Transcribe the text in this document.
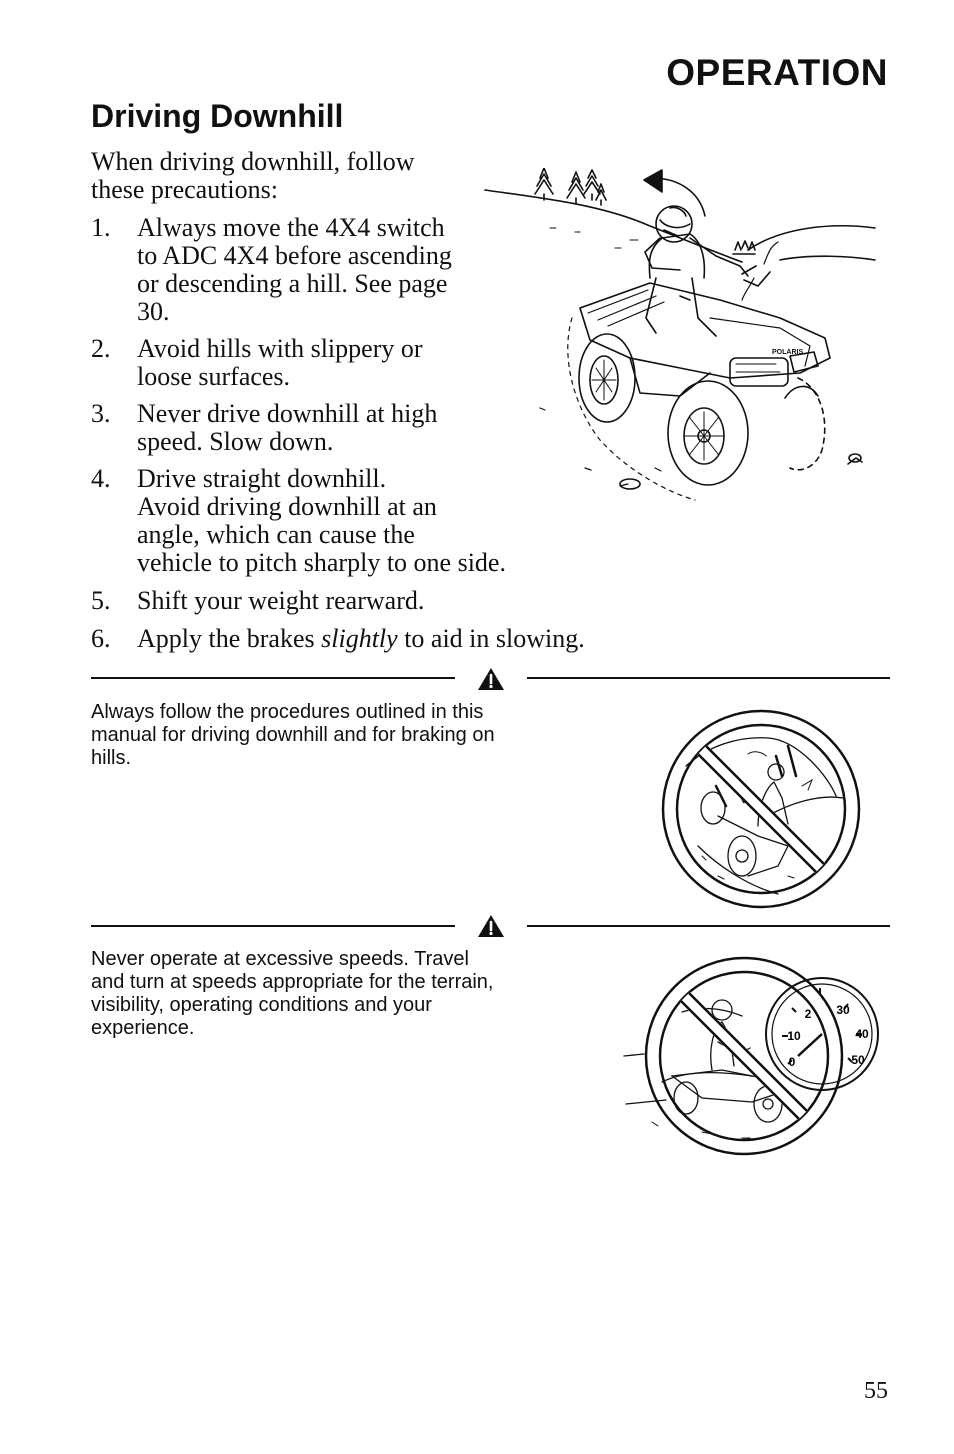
OPERATION
Driving Downhill
When driving downhill, follow these precautions:
1. Always move the 4X4 switch
to ADC 4X4 before ascending
or descending a hill. See page
30.
2. Avoid hills with slippery or
loose surfaces.
3. Never drive downhill at high
speed. Slow down.
4. Drive straight downhill.
Avoid driving downhill at an
angle, which can cause the
vehicle to pitch sharply to one side.
5. Shift your weight rearward.
6. Apply the brakes slightly to aid in slowing.
POLARIS
Always follow the procedures outlined in this
manual for driving downhill and for braking on
hills.
Never operate at excessive speeds. Travel
and turn at speeds appropriate for the terrain,
visibility, operating conditions and your
experience.
0
10
2 30
40
50
55
